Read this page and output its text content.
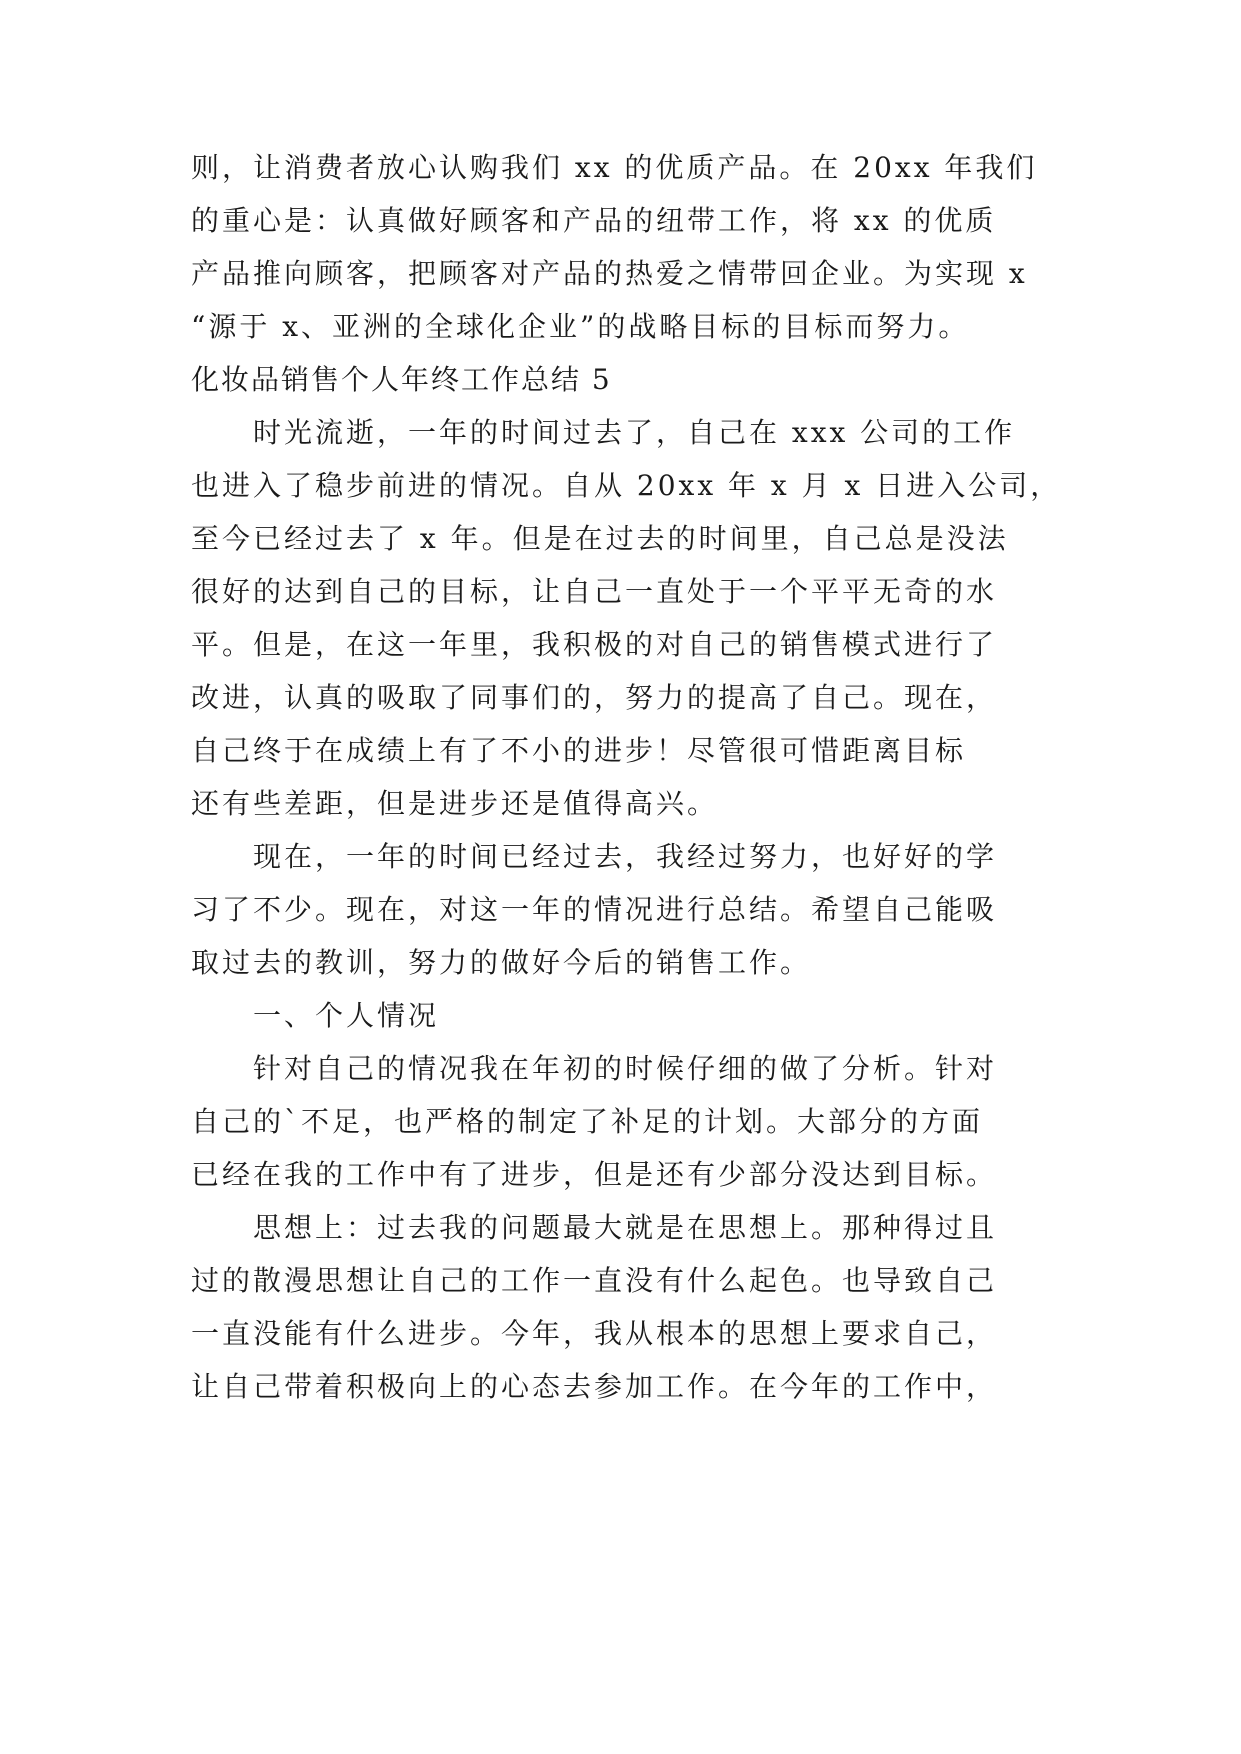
则，让消费者放心认购我们 xx 的优质产品。在 20xx 年我们
的重心是：认真做好顾客和产品的纽带工作，将 xx 的优质
产品推向顾客，把顾客对产品的热爱之情带回企业。为实现 x
“源于 x、亚洲的全球化企业”的战略目标的目标而努力。
化妆品销售个人年终工作总结 5
时光流逝，一年的时间过去了，自己在 xxx 公司的工作
也进入了稳步前进的情况。自从 20xx 年 x 月 x 日进入公司，
至今已经过去了 x 年。但是在过去的时间里，自己总是没法
很好的达到自己的目标，让自己一直处于一个平平无奇的水
平。但是，在这一年里，我积极的对自己的销售模式进行了
改进，认真的吸取了同事们的，努力的提高了自己。现在，
自己终于在成绩上有了不小的进步！尽管很可惜距离目标
还有些差距，但是进步还是值得高兴。
现在，一年的时间已经过去，我经过努力，也好好的学
习了不少。现在，对这一年的情况进行总结。希望自己能吸
取过去的教训，努力的做好今后的销售工作。
一、个人情况
针对自己的情况我在年初的时候仔细的做了分析。针对
自己的`不足，也严格的制定了补足的计划。大部分的方面
已经在我的工作中有了进步，但是还有少部分没达到目标。
思想上：过去我的问题最大就是在思想上。那种得过且
过的散漫思想让自己的工作一直没有什么起色。也导致自己
一直没能有什么进步。今年，我从根本的思想上要求自己，
让自己带着积极向上的心态去参加工作。在今年的工作中，
